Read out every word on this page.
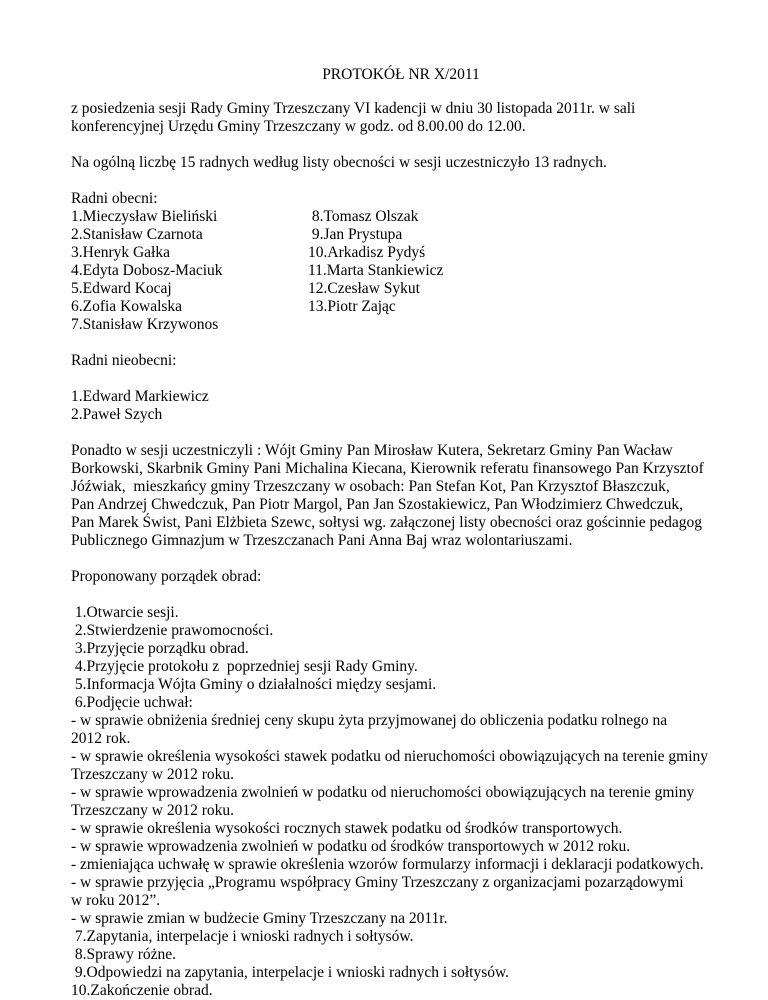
PROTOKÓŁ NR X/2011
z posiedzenia sesji Rady Gminy Trzeszczany VI kadencji w dniu 30 listopada 2011r. w sali
konferencyjnej Urzędu Gminy Trzeszczany w godz. od 8.00.00 do 12.00.

Na ogólną liczbę 15 radnych według listy obecności w sesji uczestniczyło 13 radnych.

Radni obecni:
1.Mieczysław Bieliński
2.Stanisław Czarnota
3.Henryk Gałka
4.Edyta Dobosz-Maciuk
5.Edward Kocaj
6.Zofia Kowalska
7.Stanisław Krzywonos
8.Tomasz Olszak
9.Jan Prystupa
10.Arkadisz Pydyś
11.Marta Stankiewicz
12.Czesław Sykut
13.Piotr Zając
Radni nieobecni:
1.Edward Markiewicz
2.Paweł Szych
Ponadto w sesji uczestniczyli : Wójt Gminy Pan Mirosław Kutera, Sekretarz Gminy Pan Wacław
Borkowski, Skarbnik Gminy Pani Michalina Kiecana, Kierownik referatu finansowego Pan Krzysztof
Jóźwiak,  mieszkańcy gminy Trzeszczany w osobach: Pan Stefan Kot, Pan Krzysztof Błaszczuk,
Pan Andrzej Chwedczuk, Pan Piotr Margol, Pan Jan Szostakiewicz, Pan Włodzimierz Chwedczuk,
Pan Marek Świst, Pani Elżbieta Szewc, sołtysi wg. załączonej listy obecności oraz gościnnie pedagog
Publicznego Gimnazjum w Trzeszczanach Pani Anna Baj wraz wolontariuszami.
Proponowany porządek obrad:
1.Otwarcie sesji.
2.Stwierdzenie prawomocności.
3.Przyjęcie porządku obrad.
4.Przyjęcie protokołu z  poprzedniej sesji Rady Gminy.
5.Informacja Wójta Gminy o działalności między sesjami.
6.Podjęcie uchwał:
- w sprawie obniżenia średniej ceny skupu żyta przyjmowanej do obliczenia podatku rolnego na
2012 rok.
- w sprawie określenia wysokości stawek podatku od nieruchomości obowiązujących na terenie gminy
Trzeszczany w 2012 roku.
- w sprawie wprowadzenia zwolnień w podatku od nieruchomości obowiązujących na terenie gminy
Trzeszczany w 2012 roku.
- w sprawie określenia wysokości rocznych stawek podatku od środków transportowych.
- w sprawie wprowadzenia zwolnień w podatku od środków transportowych w 2012 roku.
- zmieniająca uchwałę w sprawie określenia wzorów formularzy informacji i deklaracji podatkowych.
- w sprawie przyjęcia „Programu współpracy Gminy Trzeszczany z organizacjami pozarządowymi
w roku 2012”.
- w sprawie zmian w budżecie Gminy Trzeszczany na 2011r.
7.Zapytania, interpelacje i wnioski radnych i sołtysów.
8.Sprawy różne.
9.Odpowiedzi na zapytania, interpelacje i wnioski radnych i sołtysów.
10.Zakończenie obrad.
